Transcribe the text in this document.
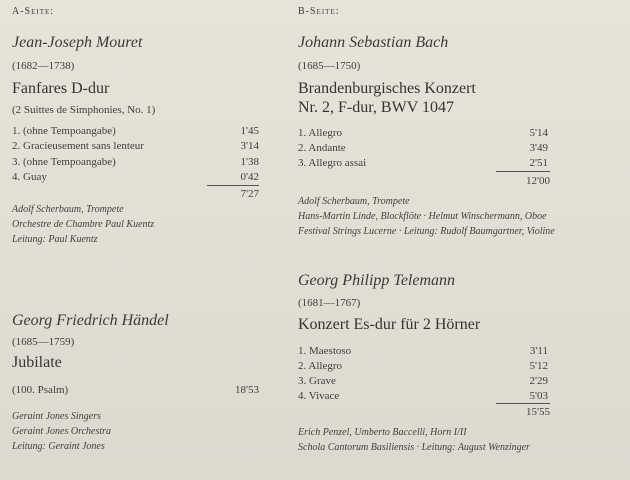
A-Seite:
Jean-Joseph Mouret
(1682—1738)
Fanfares D-dur
(2 Suittes de Simphonies, No. 1)
1. (ohne Tempoangabe)	1'45
2. Gracieusement sans lenteur	3'14
3. (ohne Tempoangabe)	1'38
4. Guay	0'42
7'27
Adolf Scherbaum, Trompete
Orchestre de Chambre Paul Kuentz
Leitung: Paul Kuentz
Georg Friedrich Händel
(1685—1759)
Jubilate
(100. Psalm)	18'53
Geraint Jones Singers
Geraint Jones Orchestra
Leitung: Geraint Jones
B-Seite:
Johann Sebastian Bach
(1685—1750)
Brandenburgisches Konzert
Nr. 2, F-dur, BWV 1047
1. Allegro	5'14
2. Andante	3'49
3. Allegro assai	2'51
12'00
Adolf Scherbaum, Trompete
Hans-Martin Linde, Blockflöte · Helmut Winschermann, Oboe
Festival Strings Lucerne · Leitung: Rudolf Baumgartner, Violine
Georg Philipp Telemann
(1681—1767)
Konzert Es-dur für 2 Hörner
1. Maestoso	3'11
2. Allegro	5'12
3. Grave	2'29
4. Vivace	5'03
15'55
Erich Penzel, Umberto Baccelli, Horn I/II
Schola Cantorum Basiliensis · Leitung: August Wenzinger
